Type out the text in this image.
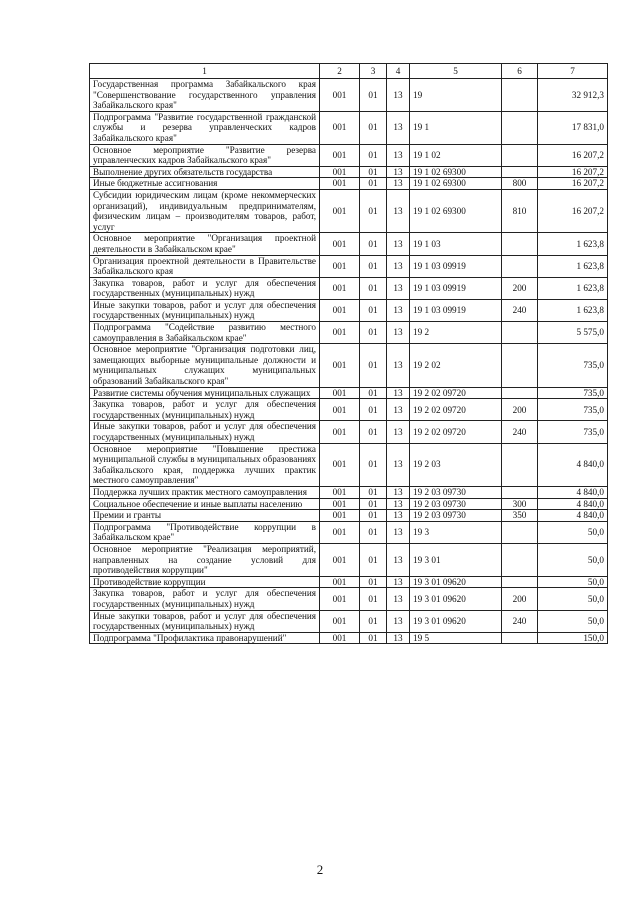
1	2	3	4	5	6	7
Государственная программа Забайкальского края "Совершенствование государственного управления Забайкальского края"	001	01	13	19		32 912,3
Подпрограмма "Развитие государственной гражданской службы и резерва управленческих кадров Забайкальского края"	001	01	13	19 1		17 831,0
Основное мероприятие "Развитие резерва управленческих кадров Забайкальского края"	001	01	13	19 1 02		16 207,2
Выполнение других обязательств государства	001	01	13	19 1 02 69300		16 207,2
Иные бюджетные ассигнования	001	01	13	19 1 02 69300	800	16 207,2
Субсидии юридическим лицам (кроме некоммерческих организаций), индивидуальным предпринимателям, физическим лицам – производителям товаров, работ, услуг	001	01	13	19 1 02 69300	810	16 207,2
Основное мероприятие "Организация проектной деятельности в Забайкальском крае"	001	01	13	19 1 03		1 623,8
Организация проектной деятельности в Правительстве Забайкальского края	001	01	13	19 1 03 09919		1 623,8
Закупка товаров, работ и услуг для обеспечения государственных (муниципальных) нужд	001	01	13	19 1 03 09919	200	1 623,8
Иные закупки товаров, работ и услуг для обеспечения государственных (муниципальных) нужд	001	01	13	19 1 03 09919	240	1 623,8
Подпрограмма "Содействие развитию местного самоуправления в Забайкальском крае"	001	01	13	19 2		5 575,0
Основное мероприятие "Организация подготовки лиц, замещающих выборные муниципальные должности и муниципальных служащих муниципальных образований Забайкальского края"	001	01	13	19 2 02		735,0
Развитие системы обучения муниципальных служащих	001	01	13	19 2 02 09720		735,0
Закупка товаров, работ и услуг для обеспечения государственных (муниципальных) нужд	001	01	13	19 2 02 09720	200	735,0
Иные закупки товаров, работ и услуг для обеспечения государственных (муниципальных) нужд	001	01	13	19 2 02 09720	240	735,0
Основное мероприятие "Повышение престижа муниципальной службы в муниципальных образованиях Забайкальского края, поддержка лучших практик местного самоуправления"	001	01	13	19 2 03		4 840,0
Поддержка лучших практик местного самоуправления	001	01	13	19 2 03 09730		4 840,0
Социальное обеспечение и иные выплаты населению	001	01	13	19 2 03 09730	300	4 840,0
Премии и гранты	001	01	13	19 2 03 09730	350	4 840,0
Подпрограмма "Противодействие коррупции в Забайкальском крае"	001	01	13	19 3		50,0
Основное мероприятие "Реализация мероприятий, направленных на создание условий для противодействия коррупции"	001	01	13	19 3 01		50,0
Противодействие коррупции	001	01	13	19 3 01 09620		50,0
Закупка товаров, работ и услуг для обеспечения государственных (муниципальных) нужд	001	01	13	19 3 01 09620	200	50,0
Иные закупки товаров, работ и услуг для обеспечения государственных (муниципальных) нужд	001	01	13	19 3 01 09620	240	50,0
Подпрограмма "Профилактика правонарушений"	001	01	13	19 5		150,0
2
